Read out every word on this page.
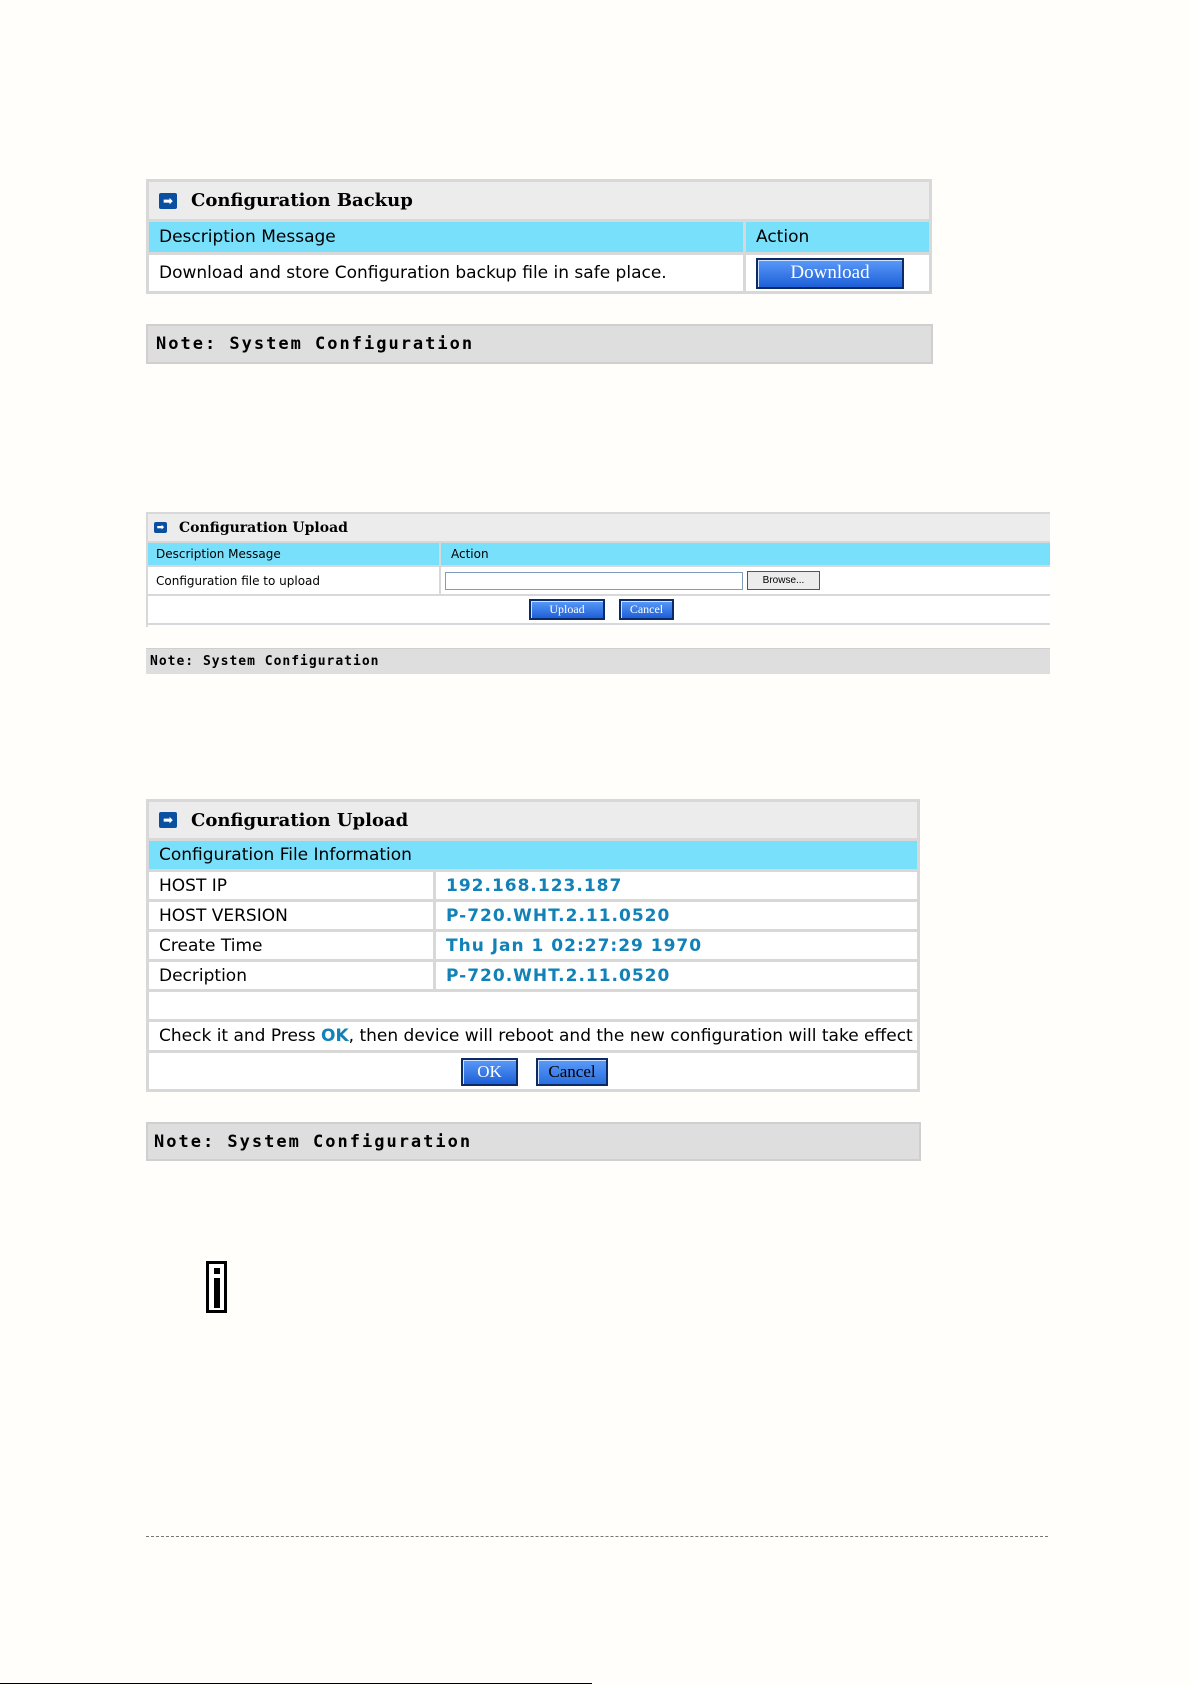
➡ Configuration Backup
Description Message	Action
Download and store Configuration backup file in safe place.	Download
Note: System Configuration
➡ Configuration Upload
Description Message	Action
Configuration file to upload	Browse...
Upload	Cancel
Note: System Configuration
➡ Configuration Upload
Configuration File Information
HOST IP	192.168.123.187
HOST VERSION	P-720.WHT.2.11.0520
Create Time	Thu Jan 1 02:27:29 1970
Decription	P-720.WHT.2.11.0520
Check it and Press OK , then device will reboot and the new configuration will take effect
OK	Cancel
Note: System Configuration
